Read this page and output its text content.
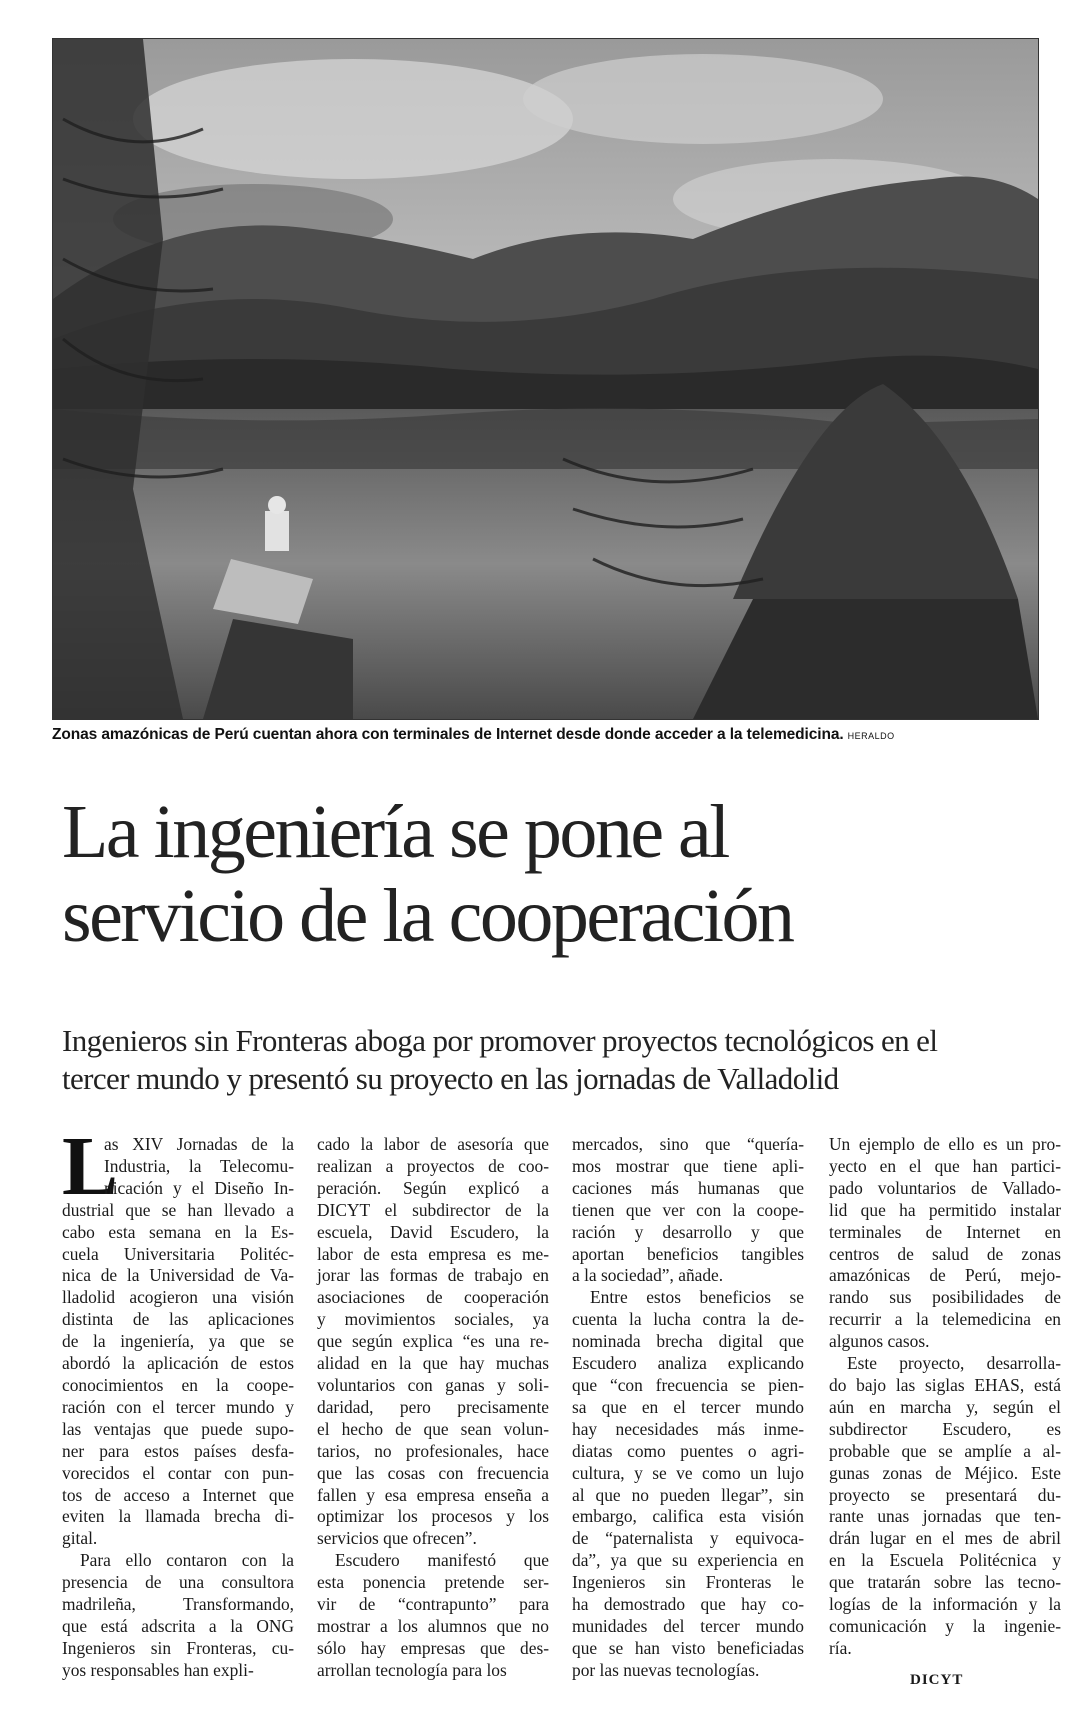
Zonas amazónicas de Perú cuentan ahora con terminales de Internet desde donde acceder a la telemedicina. HERALDO
La ingeniería se pone al
servicio de la cooperación
Ingenieros sin Fronteras aboga por promover proyectos tecnológicos en el
tercer mundo y presentó su proyecto en las jornadas de Valladolid
L
as XIV Jornadas de la
Industria, la Telecomu-
nicación y el Diseño In-
dustrial que se han llevado a
cabo esta semana en la Es-
cuela Universitaria Politéc-
nica de la Universidad de Va-
lladolid acogieron una visión
distinta de las aplicaciones
de la ingeniería, ya que se
abordó la aplicación de estos
conocimientos en la coope-
ración con el tercer mundo y
las ventajas que puede supo-
ner para estos países desfa-
vorecidos el contar con pun-
tos de acceso a Internet que
eviten la llamada brecha di-
gital.
Para ello contaron con la
presencia de una consultora
madrileña, Transformando,
que está adscrita a la ONG
Ingenieros sin Fronteras, cu-
yos responsables han expli-
cado la labor de asesoría que
realizan a proyectos de coo-
peración. Según explicó a
DICYT el subdirector de la
escuela, David Escudero, la
labor de esta empresa es me-
jorar las formas de trabajo en
asociaciones de cooperación
y movimientos sociales, ya
que según explica “es una re-
alidad en la que hay muchas
voluntarios con ganas y soli-
daridad, pero precisamente
el hecho de que sean volun-
tarios, no profesionales, hace
que las cosas con frecuencia
fallen y esa empresa enseña a
optimizar los procesos y los
servicios que ofrecen”.
Escudero manifestó que
esta ponencia pretende ser-
vir de “contrapunto” para
mostrar a los alumnos que no
sólo hay empresas que des-
arrollan tecnología para los
mercados, sino que “quería-
mos mostrar que tiene apli-
caciones más humanas que
tienen que ver con la coope-
ración y desarrollo y que
aportan beneficios tangibles
a la sociedad”, añade.
Entre estos beneficios se
cuenta la lucha contra la de-
nominada brecha digital que
Escudero analiza explicando
que “con frecuencia se pien-
sa que en el tercer mundo
hay necesidades más inme-
diatas como puentes o agri-
cultura, y se ve como un lujo
al que no pueden llegar”, sin
embargo, califica esta visión
de “paternalista y equivoca-
da”, ya que su experiencia en
Ingenieros sin Fronteras le
ha demostrado que hay co-
munidades del tercer mundo
que se han visto beneficiadas
por las nuevas tecnologías.
Un ejemplo de ello es un pro-
yecto en el que han partici-
pado voluntarios de Vallado-
lid que ha permitido instalar
terminales de Internet en
centros de salud de zonas
amazónicas de Perú, mejo-
rando sus posibilidades de
recurrir a la telemedicina en
algunos casos.
Este proyecto, desarrolla-
do bajo las siglas EHAS, está
aún en marcha y, según el
subdirector Escudero, es
probable que se amplíe a al-
gunas zonas de Méjico. Este
proyecto se presentará du-
rante unas jornadas que ten-
drán lugar en el mes de abril
en la Escuela Politécnica y
que tratarán sobre las tecno-
logías de la información y la
comunicación y la ingenie-
ría.
DICYT
